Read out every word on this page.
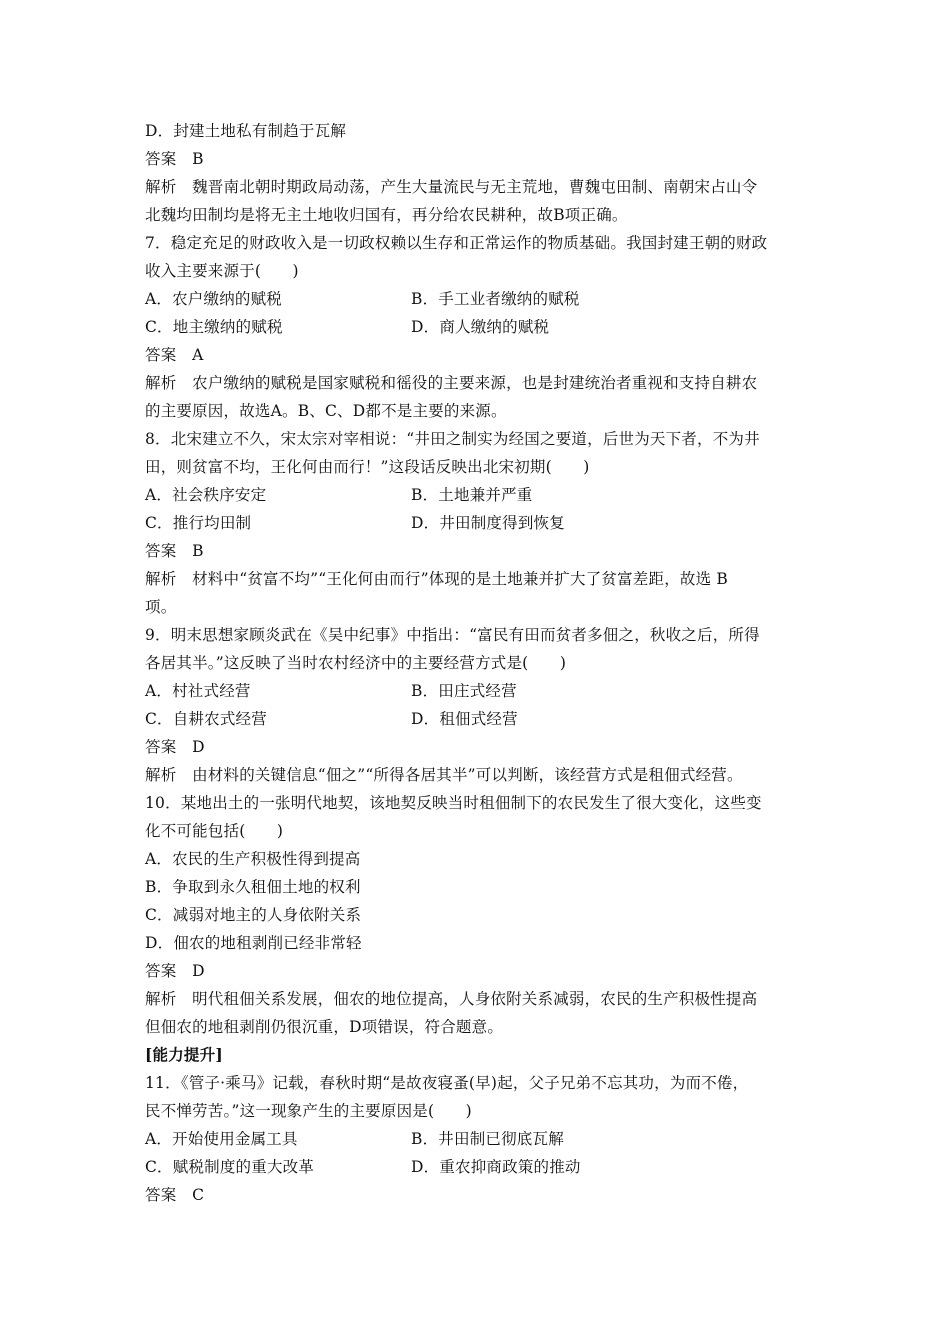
D．封建土地私有制趋于瓦解
答案　B
解析　魏晋南北朝时期政局动荡，产生大量流民与无主荒地，曹魏屯田制、南朝宋占山令
北魏均田制均是将无主土地收归国有，再分给农民耕种，故B项正确。
7．稳定充足的财政收入是一切政权赖以生存和正常运作的物质基础。我国封建王朝的财政
收入主要来源于(　　)
A．农户缴纳的赋税	B．手工业者缴纳的赋税
C．地主缴纳的赋税	D．商人缴纳的赋税
答案　A
解析　农户缴纳的赋税是国家赋税和徭役的主要来源，也是封建统治者重视和支持自耕农
的主要原因，故选A。B、C、D都不是主要的来源。
8．北宋建立不久，宋太宗对宰相说：“井田之制实为经国之要道，后世为天下者，不为井
田，则贫富不均，王化何由而行！”这段话反映出北宋初期(　　)
A．社会秩序安定	B．土地兼并严重
C．推行均田制	D．井田制度得到恢复
答案　B
解析　材料中“贫富不均”“王化何由而行”体现的是土地兼并扩大了贫富差距，故选 B
项。
9．明末思想家顾炎武在《吴中纪事》中指出：“富民有田而贫者多佃之，秋收之后，所得
各居其半。”这反映了当时农村经济中的主要经营方式是(　　)
A．村社式经营	B．田庄式经营
C．自耕农式经营	D．租佃式经营
答案　D
解析　由材料的关键信息“佃之”“所得各居其半”可以判断，该经营方式是租佃式经营。
10．某地出土的一张明代地契，该地契反映当时租佃制下的农民发生了很大变化，这些变
化不可能包括(　　)
A．农民的生产积极性得到提高
B．争取到永久租佃土地的权利
C．减弱对地主的人身依附关系
D．佃农的地租剥削已经非常轻
答案　D
解析　明代租佃关系发展，佃农的地位提高，人身依附关系减弱，农民的生产积极性提高
但佃农的地租剥削仍很沉重，D项错误，符合题意。
[能力提升]
11．《管子·乘马》记载，春秋时期“是故夜寝蚤(早)起，父子兄弟不忘其功，为而不倦，
民不惮劳苦。”这一现象产生的主要原因是(　　)
A．开始使用金属工具	B．井田制已彻底瓦解
C．赋税制度的重大改革	D．重农抑商政策的推动
答案　C
